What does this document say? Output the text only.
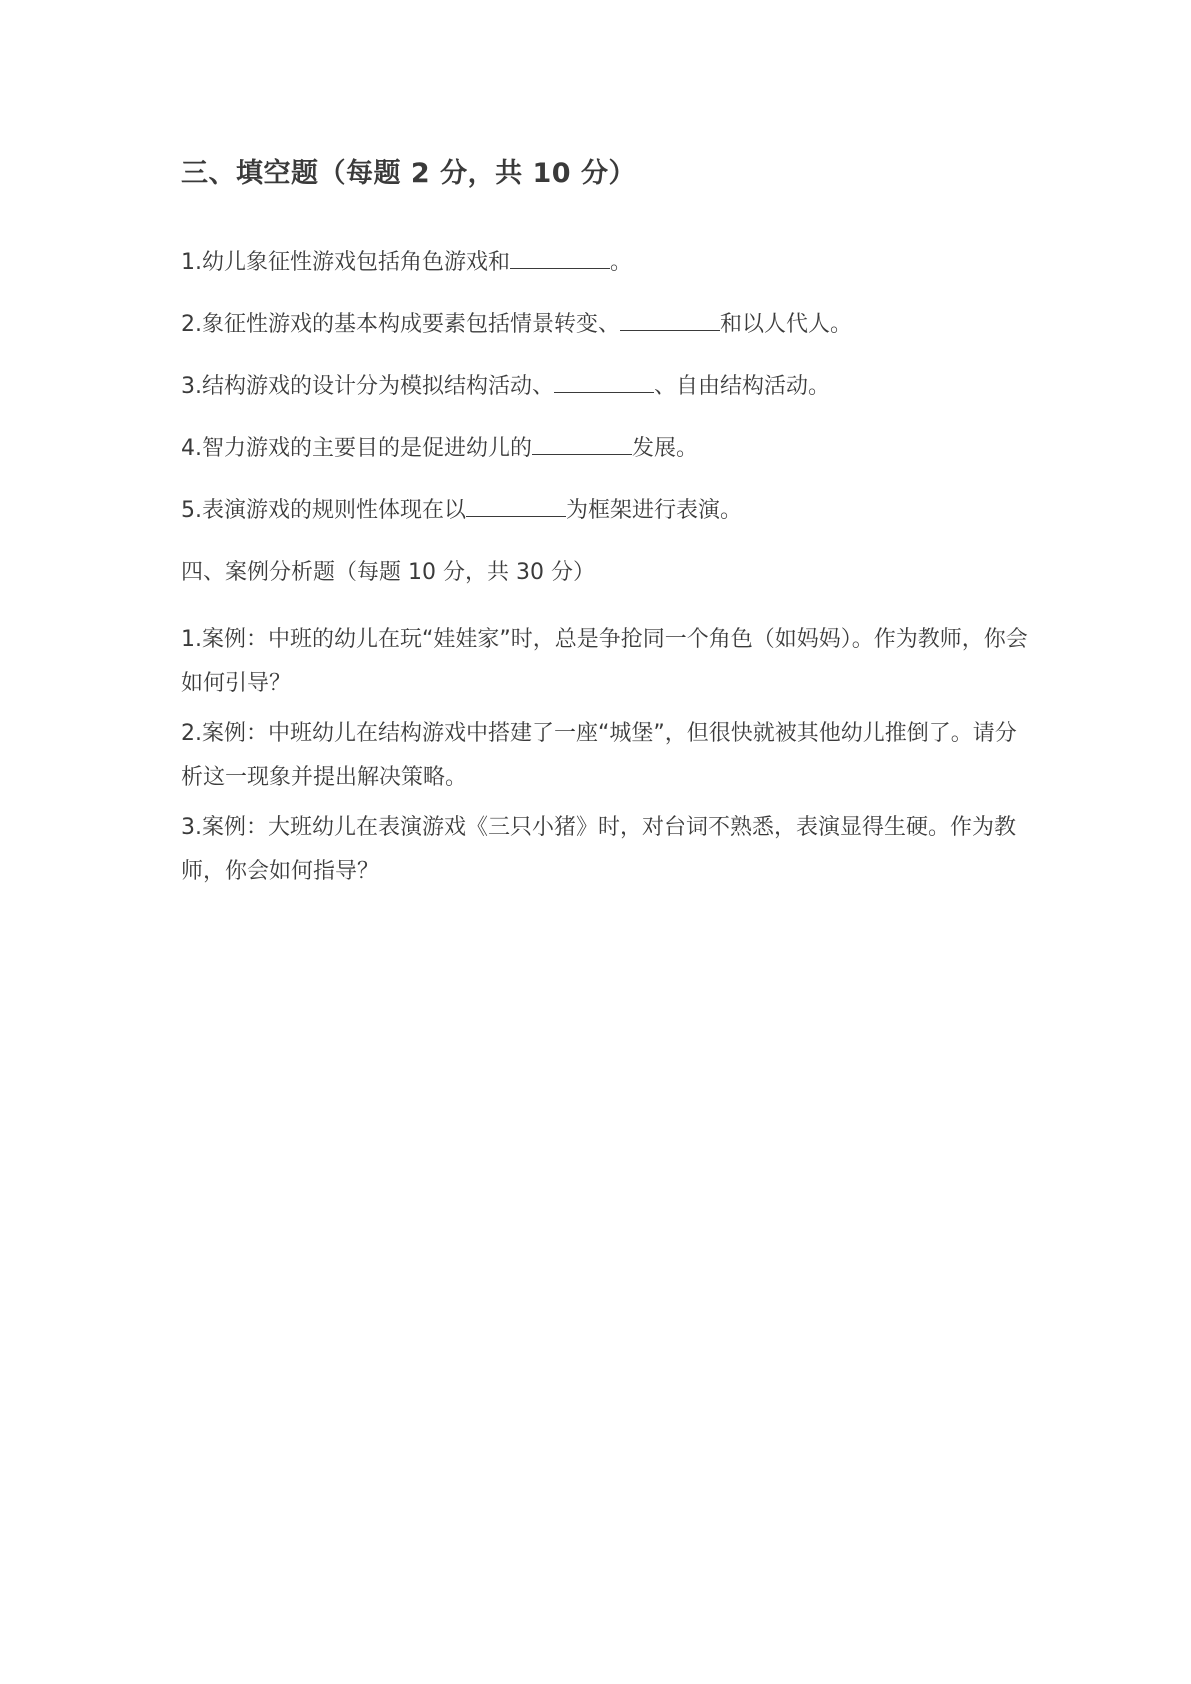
三、填空题（每题 2 分，共 10 分）

1.幼儿象征性游戏包括角色游戏和	。

2.象征性游戏的基本构成要素包括情景转变、	和以人代人。

3.结构游戏的设计分为模拟结构活动、	、自由结构活动。

4.智力游戏的主要目的是促进幼儿的	发展。

5.表演游戏的规则性体现在以	为框架进行表演。

四、案例分析题（每题 10 分，共 30 分）

1.案例：中班的幼儿在玩“娃娃家”时，总是争抢同一个角色（如妈妈）。作为教师，你会如何引导？

2.案例：中班幼儿在结构游戏中搭建了一座“城堡”，但很快就被其他幼儿推倒了。请分析这一现象并提出解决策略。

3.案例：大班幼儿在表演游戏《三只小猪》时，对台词不熟悉，表演显得生硬。作为教师，你会如何指导？
